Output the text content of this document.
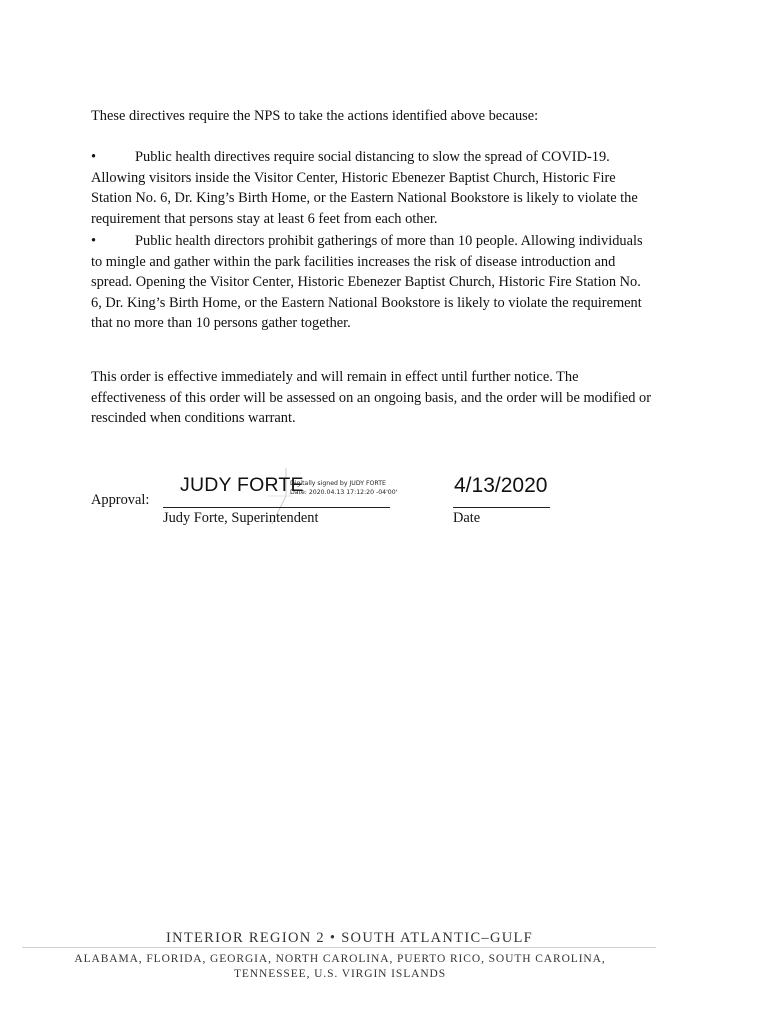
These directives require the NPS to take the actions identified above because:

•	Public health directives require social distancing to slow the spread of COVID-19.
Allowing visitors inside the Visitor Center, Historic Ebenezer Baptist Church, Historic Fire
Station No. 6, Dr. King’s Birth Home, or the Eastern National Bookstore is likely to violate the
requirement that persons stay at least 6 feet from each other.
•	Public health directors prohibit gatherings of more than 10 people. Allowing individuals
to mingle and gather within the park facilities increases the risk of disease introduction and
spread. Opening the Visitor Center, Historic Ebenezer Baptist Church, Historic Fire Station No.
6, Dr. King’s Birth Home, or the Eastern National Bookstore is likely to violate the requirement
that no more than 10 persons gather together.
This order is effective immediately and will remain in effect until further notice. The
effectiveness of this order will be assessed on an ongoing basis, and the order will be modified or
rescinded when conditions warrant.
Approval:
JUDY FORTE
Digitally signed by JUDY FORTE
Date: 2020.04.13 17:12:20 -04'00'
Judy Forte, Superintendent
4/13/2020
Date
INTERIOR REGION 2 • SOUTH ATLANTIC–GULF
ALABAMA, FLORIDA, GEORGIA, NORTH CAROLINA, PUERTO RICO, SOUTH CAROLINA,
TENNESSEE, U.S. VIRGIN ISLANDS
